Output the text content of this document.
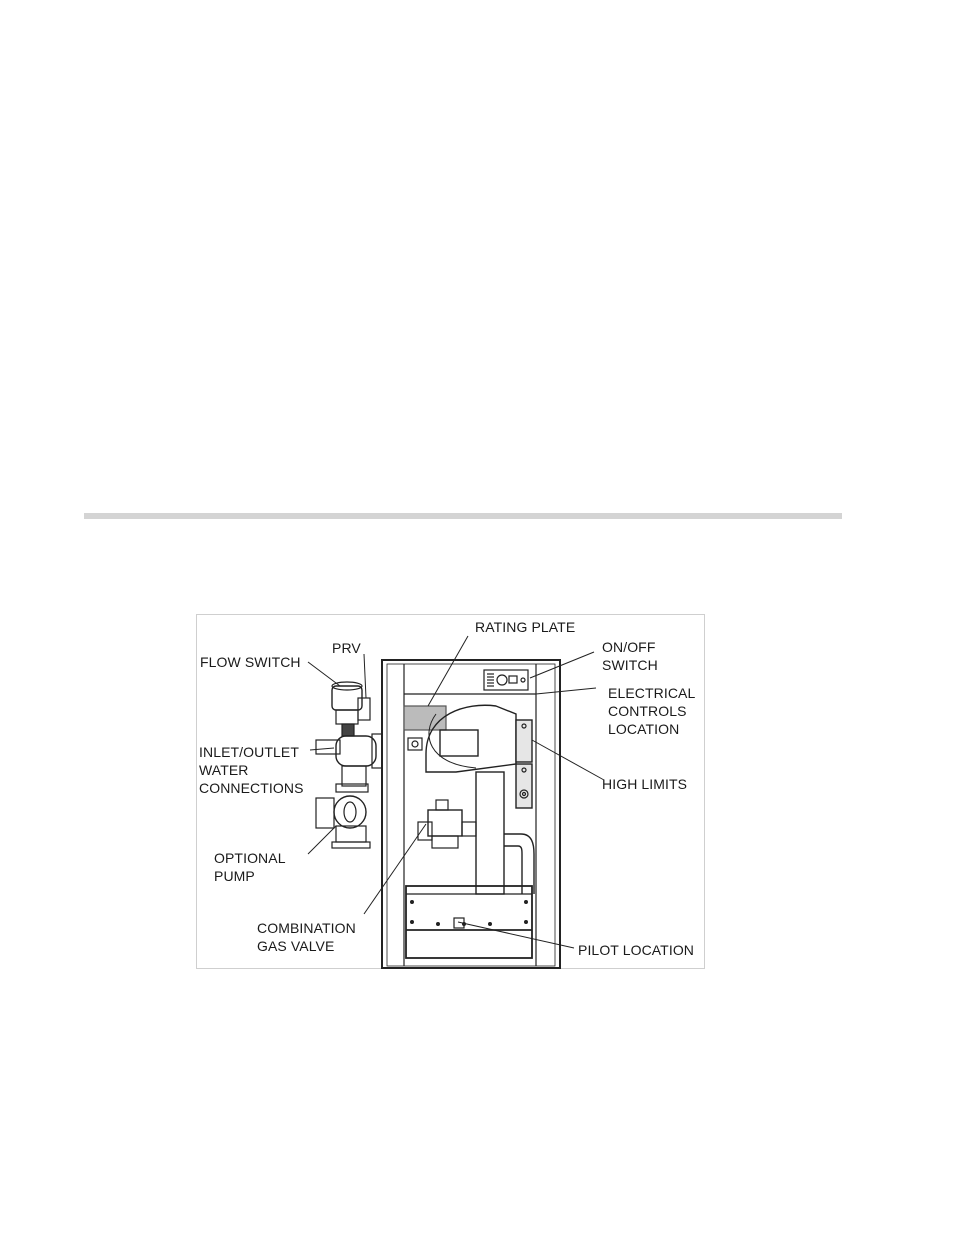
FLOW SWITCH
PRV
RATING PLATE
ON/OFF
SWITCH
ELECTRICAL
CONTROLS
LOCATION
INLET/OUTLET
WATER
CONNECTIONS	HIGH LIMITS
OPTIONAL
PUMP
COMBINATION
GAS VALVE	PILOT LOCATION
